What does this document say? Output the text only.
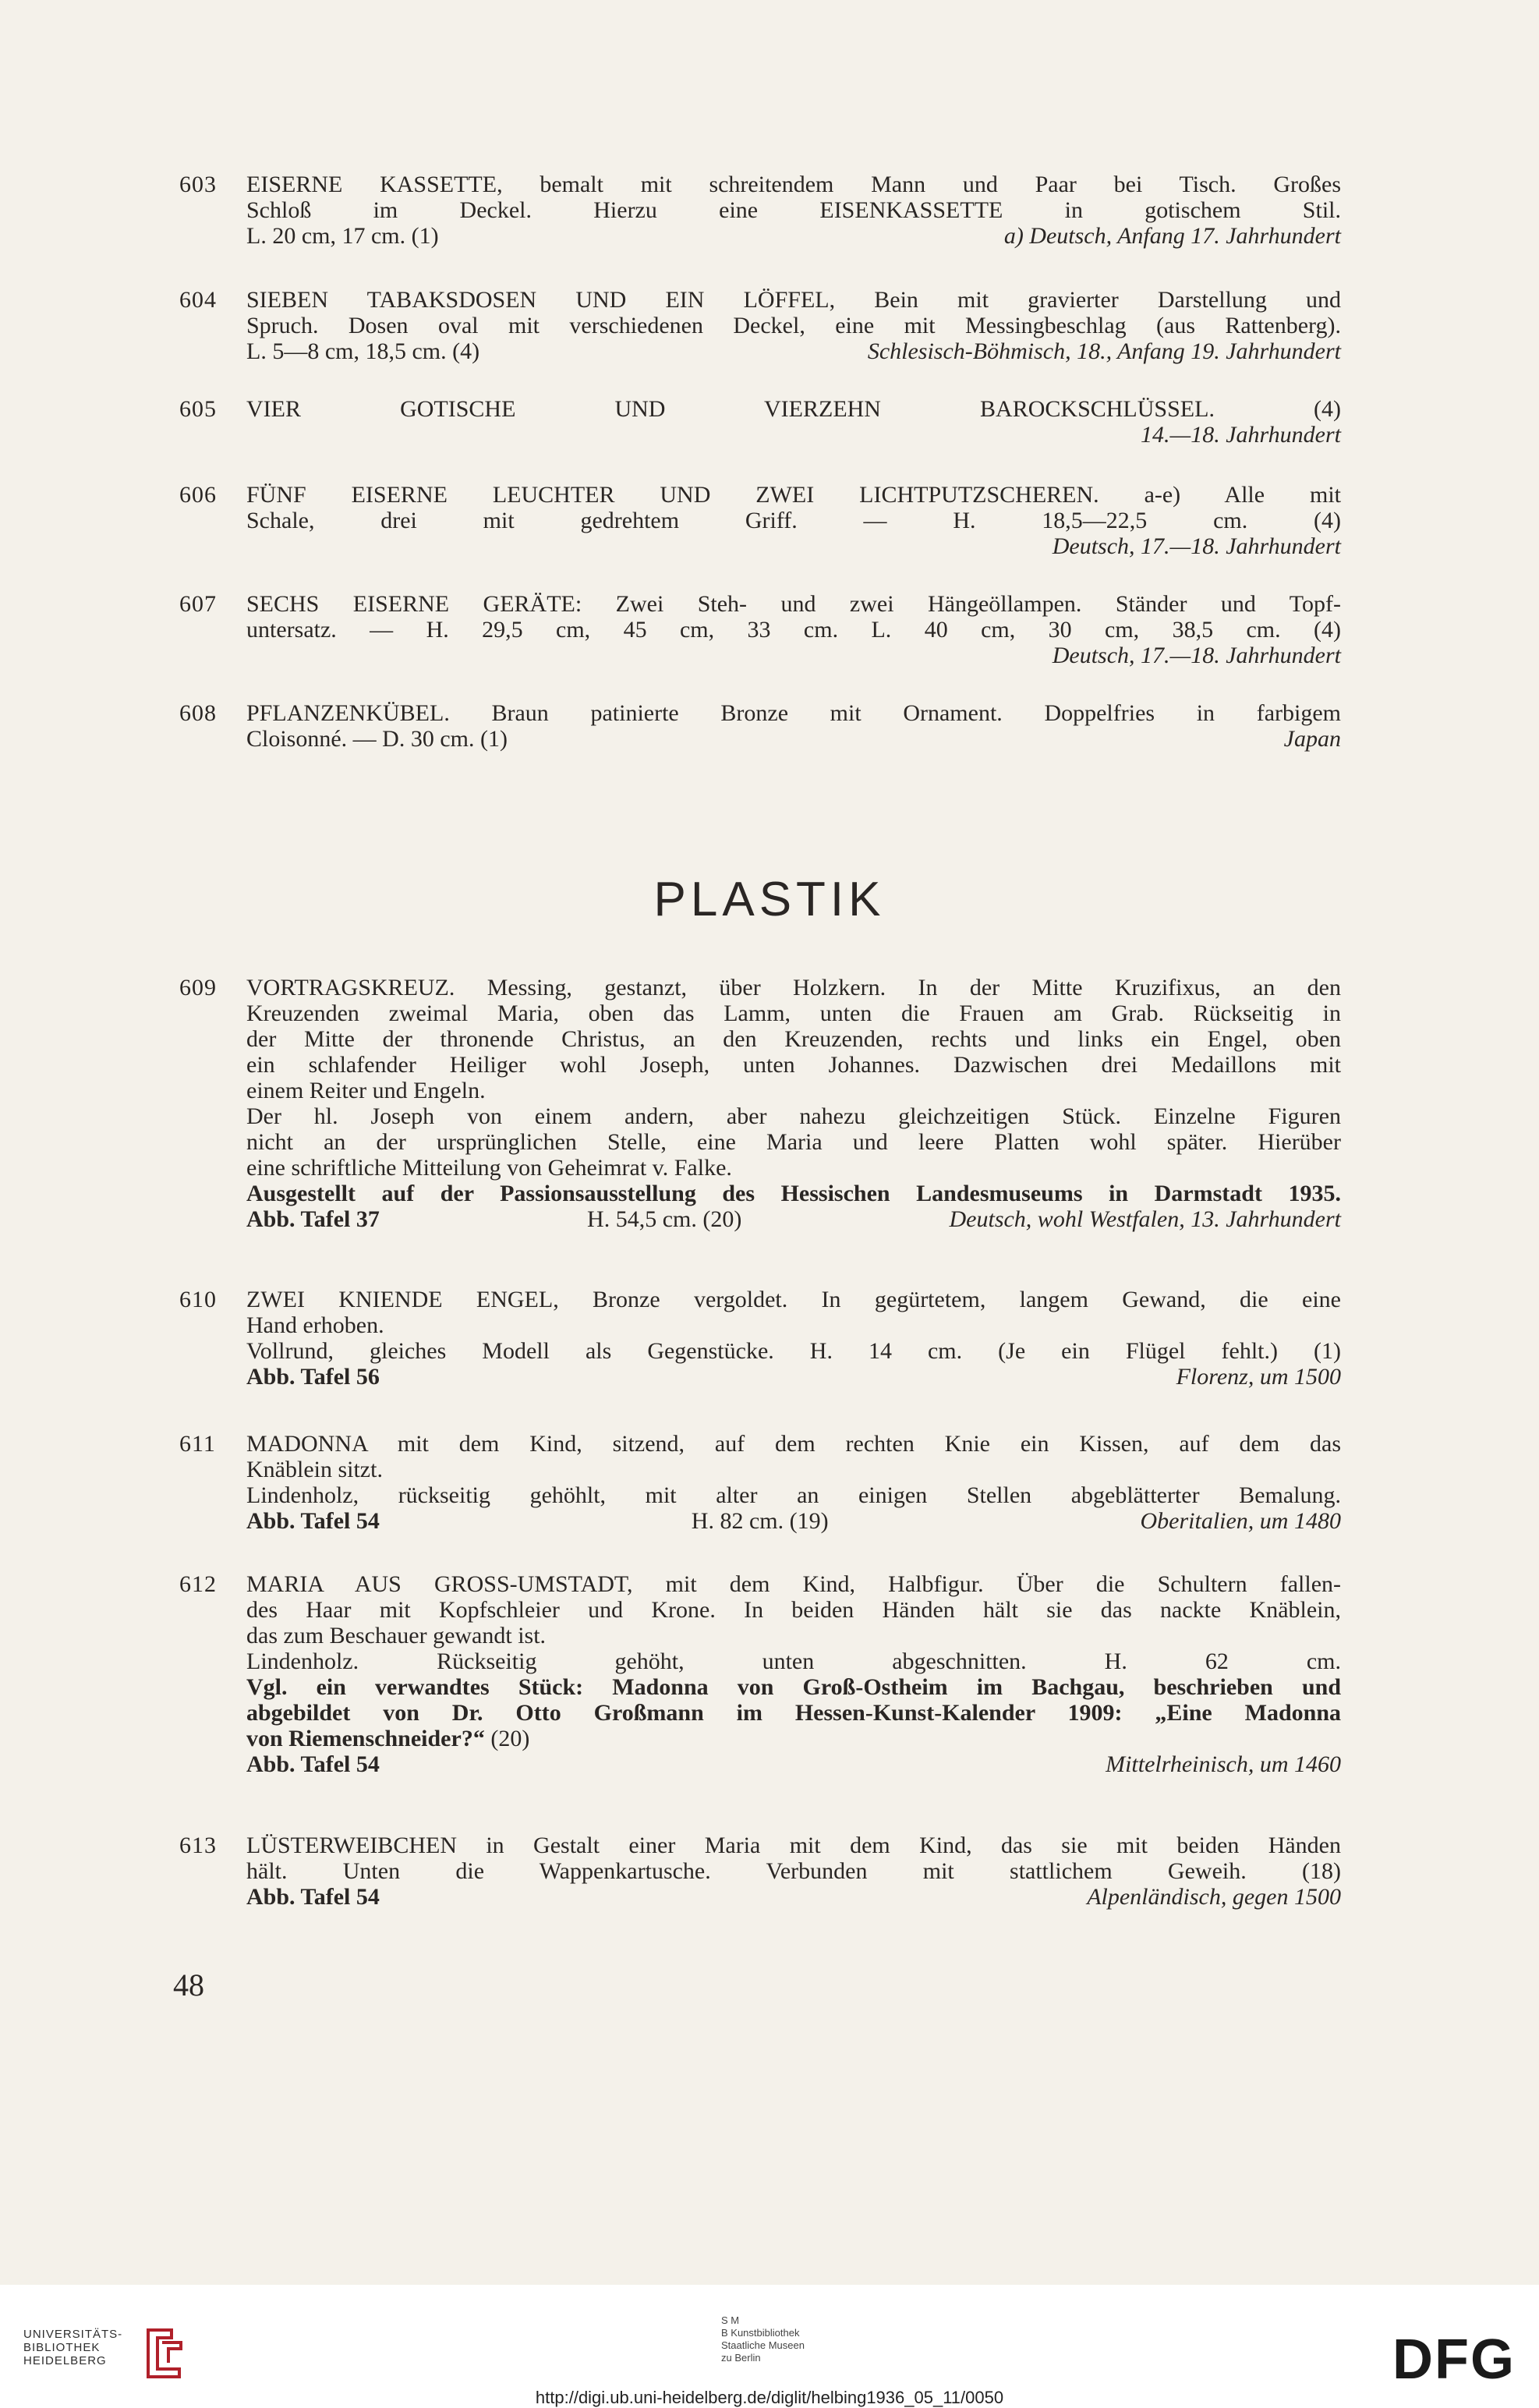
603	EISERNE KASSETTE, bemalt mit schreitendem Mann und Paar bei Tisch. Großes
Schloß im Deckel. Hierzu eine EISENKASSETTE in gotischem Stil.
L. 20 cm, 17 cm. (1)	a) Deutsch, Anfang 17. Jahrhundert
604	SIEBEN TABAKSDOSEN UND EIN LÖFFEL, Bein mit gravierter Darstellung und
Spruch. Dosen oval mit verschiedenen Deckel, eine mit Messingbeschlag (aus Rattenberg).
L. 5—8 cm, 18,5 cm. (4)	Schlesisch-Böhmisch, 18., Anfang 19. Jahrhundert
605	VIER GOTISCHE UND VIERZEHN BAROCKSCHLÜSSEL. (4)
14.—18. Jahrhundert
606	FÜNF EISERNE LEUCHTER UND ZWEI LICHTPUTZSCHEREN. a-e) Alle mit
Schale, drei mit gedrehtem Griff. — H. 18,5—22,5 cm. (4)
Deutsch, 17.—18. Jahrhundert
607	SECHS EISERNE GERÄTE: Zwei Steh- und zwei Hängeöllampen. Ständer und Topf-
untersatz. — H. 29,5 cm, 45 cm, 33 cm. L. 40 cm, 30 cm, 38,5 cm. (4)
Deutsch, 17.—18. Jahrhundert
608	PFLANZENKÜBEL. Braun patinierte Bronze mit Ornament. Doppelfries in farbigem
Cloisonné. — D. 30 cm. (1)	Japan
PLASTIK
609	VORTRAGSKREUZ. Messing, gestanzt, über Holzkern. In der Mitte Kruzifixus, an den
Kreuzenden zweimal Maria, oben das Lamm, unten die Frauen am Grab. Rückseitig in
der Mitte der thronende Christus, an den Kreuzenden, rechts und links ein Engel, oben
ein schlafender Heiliger wohl Joseph, unten Johannes. Dazwischen drei Medaillons mit
einem Reiter und Engeln.
Der hl. Joseph von einem andern, aber nahezu gleichzeitigen Stück. Einzelne Figuren
nicht an der ursprünglichen Stelle, eine Maria und leere Platten wohl später. Hierüber
eine schriftliche Mitteilung von Geheimrat v. Falke.
Ausgestellt auf der Passionsausstellung des Hessischen Landesmuseums in Darmstadt 1935.
Abb. Tafel 37	H. 54,5 cm. (20)	Deutsch, wohl Westfalen, 13. Jahrhundert
610	ZWEI KNIENDE ENGEL, Bronze vergoldet. In gegürtetem, langem Gewand, die eine
Hand erhoben.
Vollrund, gleiches Modell als Gegenstücke. H. 14 cm. (Je ein Flügel fehlt.) (1)
Abb. Tafel 56	Florenz, um 1500
611	MADONNA mit dem Kind, sitzend, auf dem rechten Knie ein Kissen, auf dem das
Knäblein sitzt.
Lindenholz, rückseitig gehöhlt, mit alter an einigen Stellen abgeblätterter Bemalung.
Abb. Tafel 54	H. 82 cm. (19)	Oberitalien, um 1480
612	MARIA AUS GROSS-UMSTADT, mit dem Kind, Halbfigur. Über die Schultern fallen-
des Haar mit Kopfschleier und Krone. In beiden Händen hält sie das nackte Knäblein,
das zum Beschauer gewandt ist.
Lindenholz. Rückseitig gehöht, unten abgeschnitten. H. 62 cm.
Vgl. ein verwandtes Stück: Madonna von Groß-Ostheim im Bachgau, beschrieben und
abgebildet von Dr. Otto Großmann im Hessen-Kunst-Kalender 1909: „Eine Madonna
von Riemenschneider?“ (20)
Abb. Tafel 54	Mittelrheinisch, um 1460
613	LÜSTERWEIBCHEN in Gestalt einer Maria mit dem Kind, das sie mit beiden Händen
hält. Unten die Wappenkartusche. Verbunden mit stattlichem Geweih. (18)
Abb. Tafel 54	Alpenländisch, gegen 1500
48
UNIVERSITÄTS-
BIBLIOTHEK
HEIDELBERG
S M
B Kunstbibliothek
Staatliche Museen
zu Berlin	DFG
http://digi.ub.uni-heidelberg.de/diglit/helbing1936_05_11/0050
